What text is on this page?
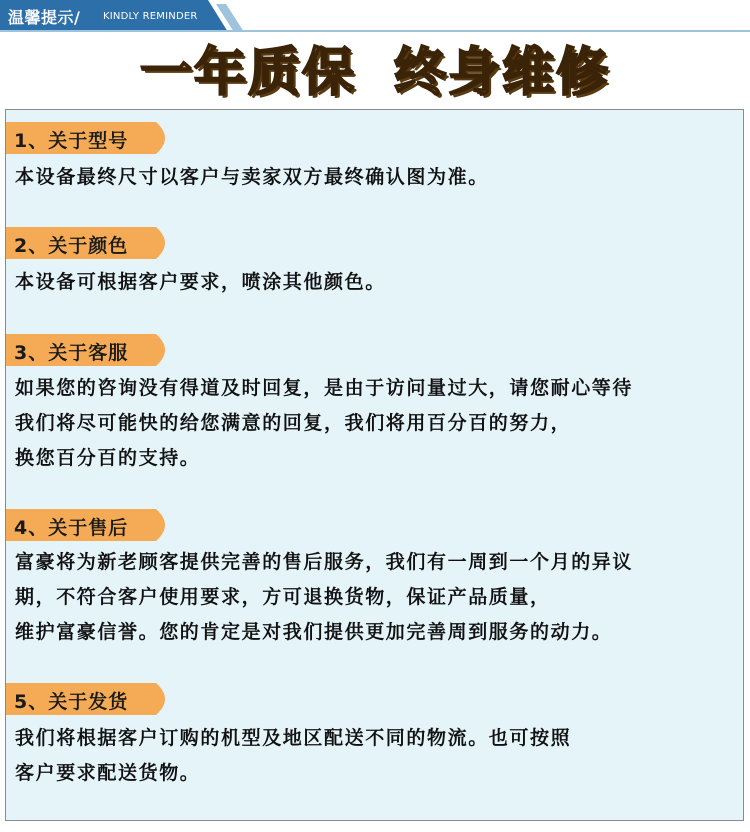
温馨提示/ KINDLY REMINDER
一年质保 终身维修
1、关于型号
本设备最终尺寸以客户与卖家双方最终确认图为准。
2、关于颜色
本设备可根据客户要求，喷涂其他颜色。
3、关于客服
如果您的咨询没有得道及时回复，是由于访问量过大，请您耐心等待
我们将尽可能快的给您满意的回复，我们将用百分百的努力，
换您百分百的支持。
4、关于售后
富豪将为新老顾客提供完善的售后服务，我们有一周到一个月的异议
期，不符合客户使用要求，方可退换货物，保证产品质量，
维护富豪信誉。您的肯定是对我们提供更加完善周到服务的动力。
5、关于发货
我们将根据客户订购的机型及地区配送不同的物流。也可按照
客户要求配送货物。
